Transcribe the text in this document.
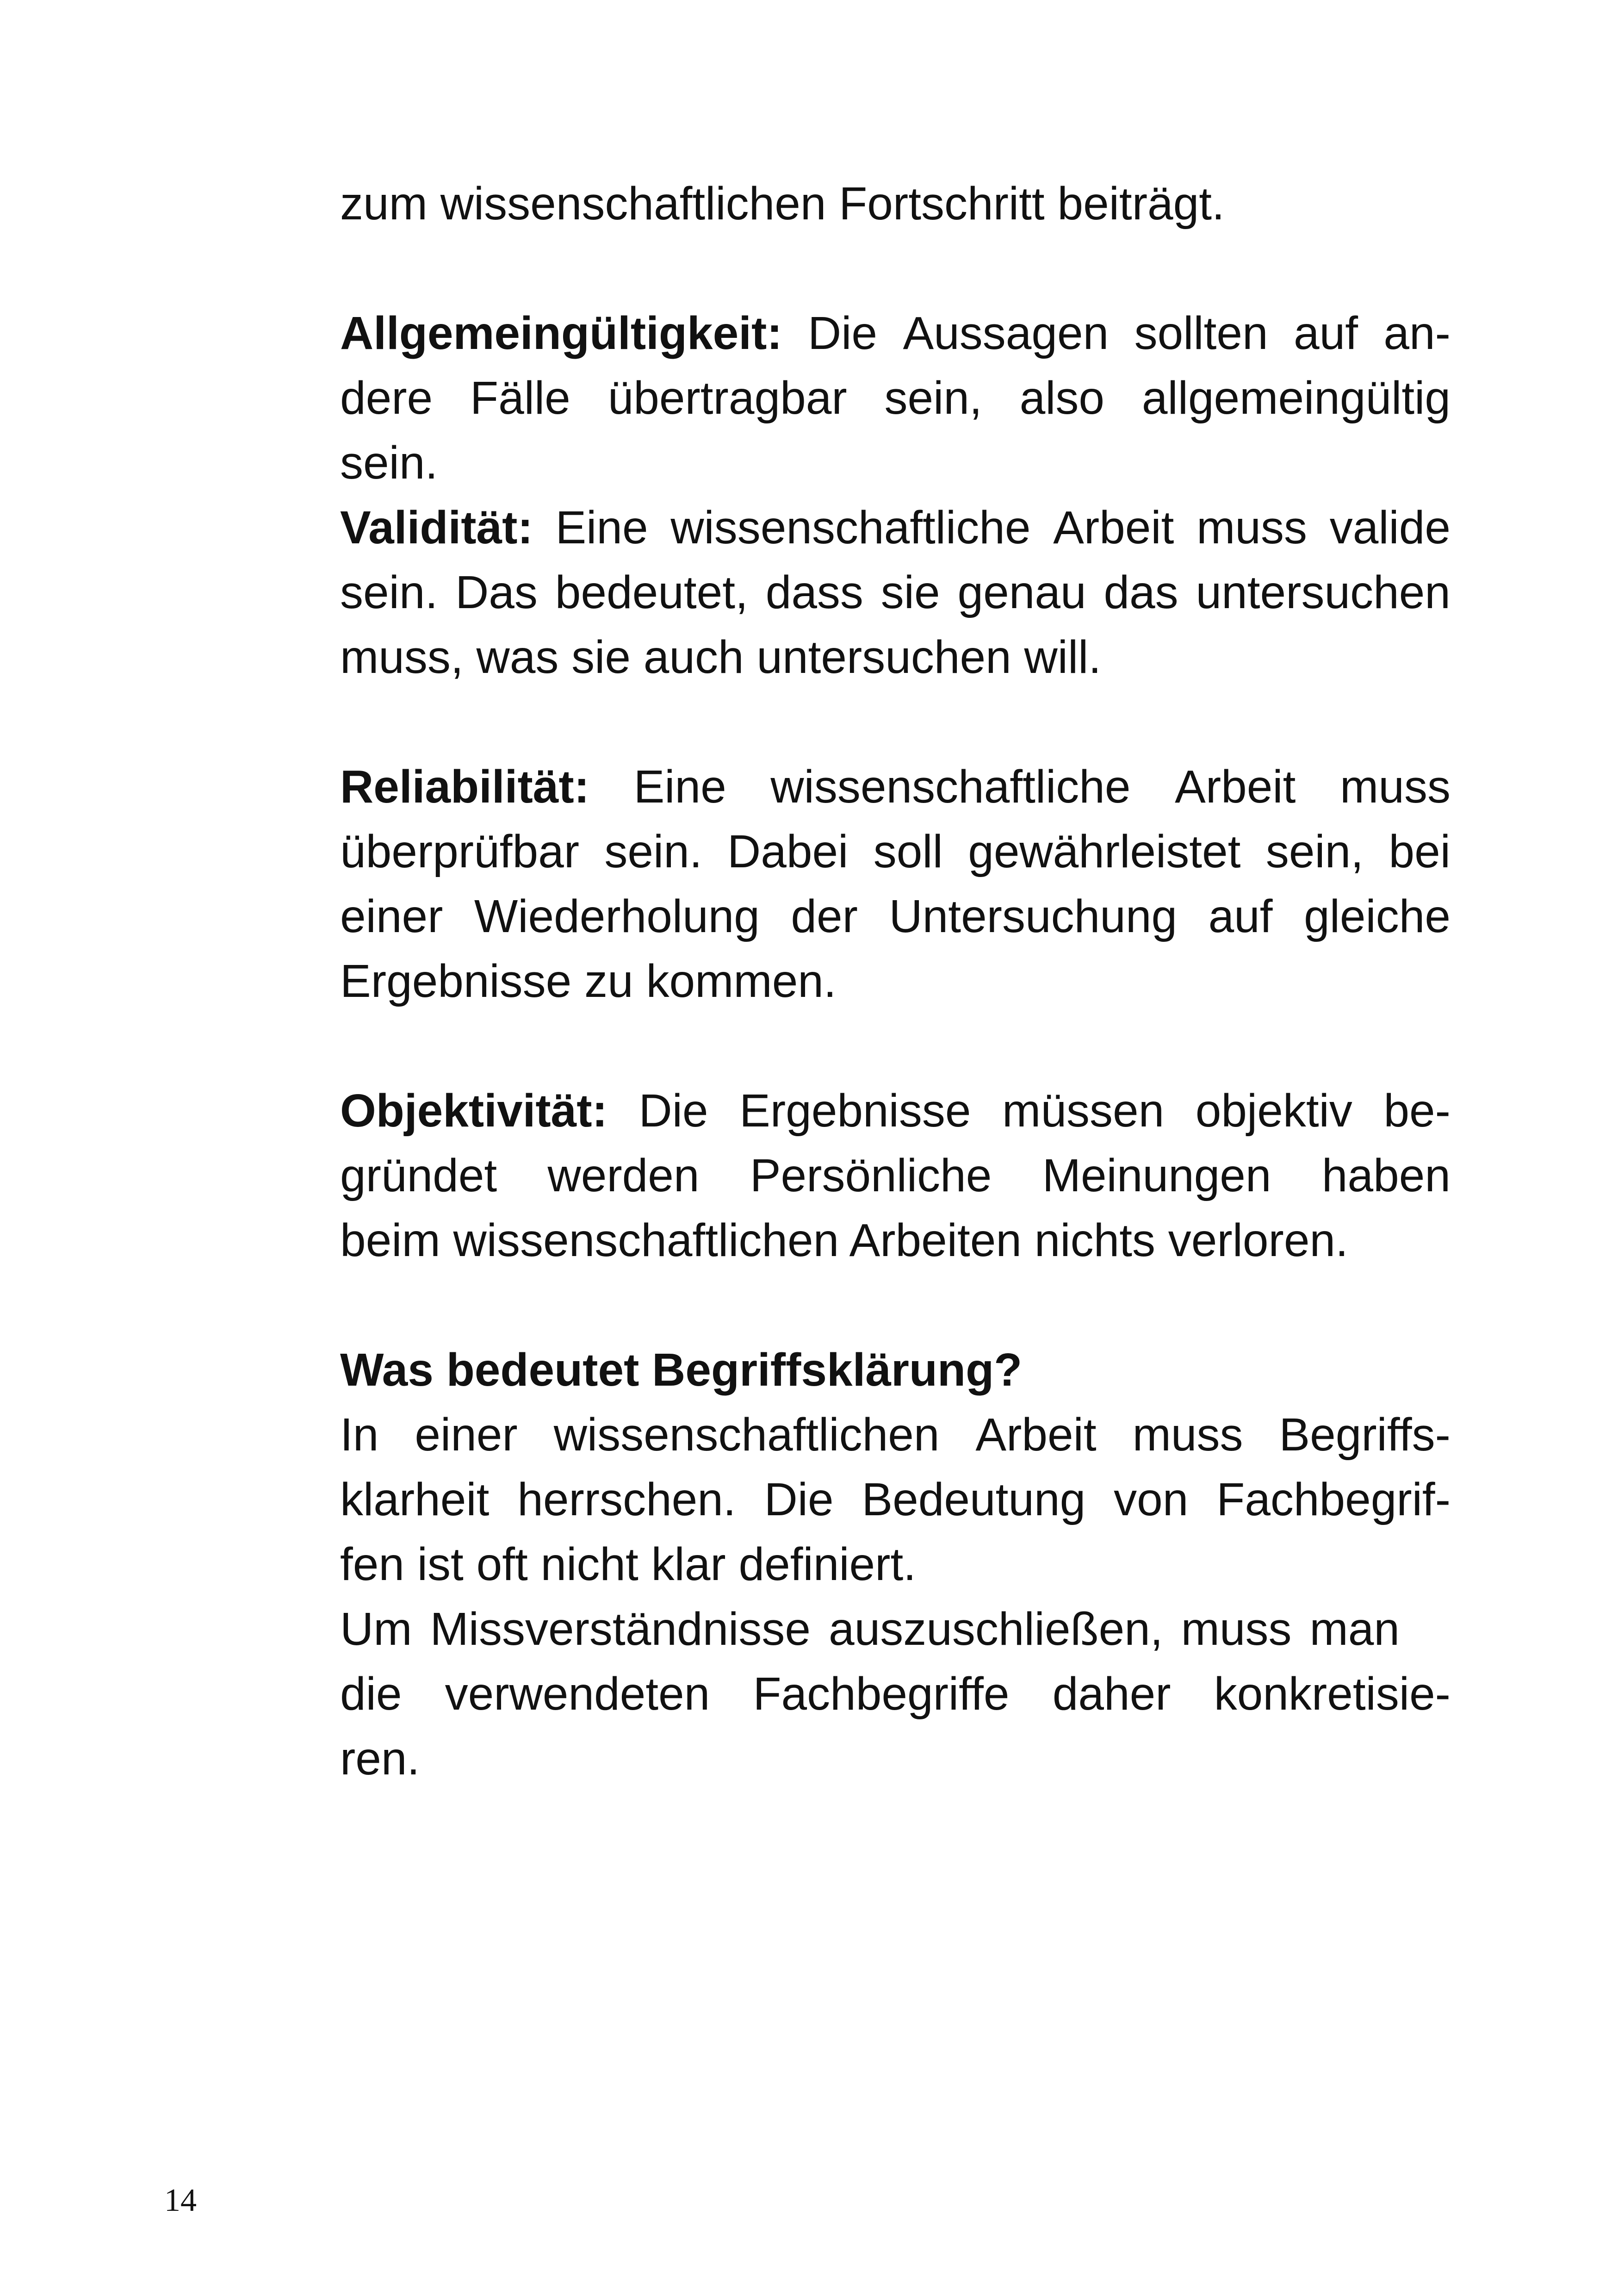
zum wissenschaftlichen Fortschritt beiträgt.
Allgemeingültigkeit: Die Aussagen sollten auf an-
dere Fälle übertragbar sein, also allgemeingültig
sein.
Validität: Eine wissenschaftliche Arbeit muss valide
sein. Das bedeutet, dass sie genau das untersuchen
muss, was sie auch untersuchen will.
Reliabilität: Eine wissenschaftliche Arbeit muss
überprüfbar sein. Dabei soll gewährleistet sein, bei
einer Wiederholung der Untersuchung auf gleiche
Ergebnisse zu kommen.
Objektivität: Die Ergebnisse müssen objektiv be-
gründet werden Persönliche Meinungen haben
beim wissenschaftlichen Arbeiten nichts verloren.
Was bedeutet Begriffsklärung?
In einer wissenschaftlichen Arbeit muss Begriffs-
klarheit herrschen. Die Bedeutung von Fachbegrif-
fen ist oft nicht klar definiert.
Um Missverständnisse auszuschließen, muss man
die verwendeten Fachbegriffe daher konkretisie-
ren.
14
